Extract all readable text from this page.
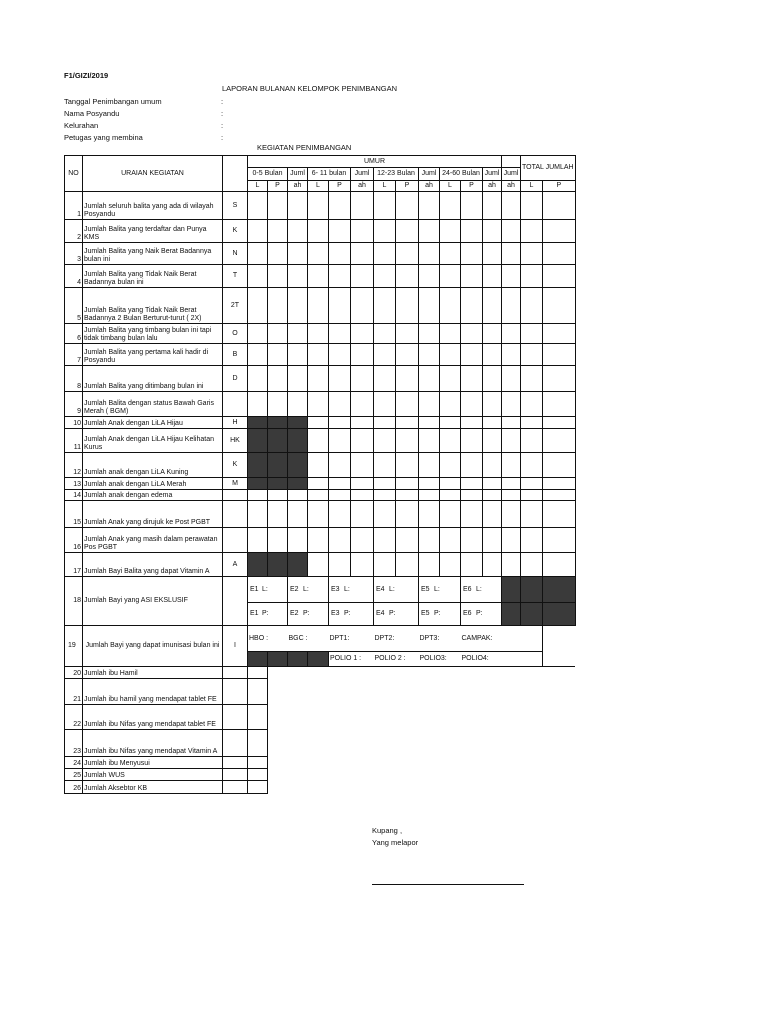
F1/GIZI/2019
LAPORAN BULANAN KELOMPOK PENIMBANGAN
Tanggal Penimbangan umum	:
Nama Posyandu	:
Kelurahan	:
Petugas yang membina	:
KEGIATAN PENIMBANGAN
NO	URAIAN KEGIATAN		UMUR													TOTAL JUMLAH	
			0-5 Bulan		Juml	6- 11 bulan		Juml	12-23 Bulan		Juml	24-60 Bulan		Juml	Juml		
			L	P	ah	L	P	ah	L	P	ah	L	P	ah	ah	L	P
1	Jumlah seluruh balita yang ada di wilayah Posyandu	S															
2	Jumlah Balita yang terdaftar dan Punya KMS	K															
3	Jumlah Balita yang Naik Berat Badannya bulan ini	N															
4	Jumlah Balita yang Tidak Naik Berat Badannya bulan ini	T															
5	Jumlah Balita yang Tidak Naik Berat Badannya 2 Bulan Berturut-turut ( 2X)	2T															
6	Jumlah Balita yang timbang bulan ini tapi tidak timbang bulan lalu	O															
7	Jumlah Balita yang pertama kali hadir di Posyandu	B															
8	Jumlah Balita yang ditimbang bulan ini	D															
9	Jumlah Balita dengan status Bawah Garis Merah ( BGM)																
10	Jumlah Anak dengan LiLA Hijau	H															
11	Jumlah Anak dengan LiLA Hijau Kelihatan Kurus	HK															
12	Jumlah anak dengan LiLA Kuning	K															
13	Jumlah anak dengan LiLA Merah	M															
14	Jumlah anak dengan edema																
15	Jumlah Anak yang dirujuk ke Post PGBT																
16	Jumlah Anak yang masih dalam perawatan Pos PGBT																
17	Jumlah Bayi Balita yang dapat Vitamin A	A															
18	Jumlah Bayi yang ASI EKSLUSIF		E1 L:		E2 L:		E3 L:		E4 L:		E5 L:		E6 L:				
			E1 P:		E2 P:		E3 P:		E4 P:		E5 P:		E6 P:				
19	Jumlah Bayi yang dapat imunisasi bulan ini	I	HBO :		BGC :		DPT1:		DPT2:		DPT3:		CAMPAK:				
							POLIO 1 :		POLIO 2 :		POLIO3:		POLIO4:				
20	Jumlah ibu Hamil																
21	Jumlah ibu hamil yang mendapat tablet FE																
22	Jumlah ibu Nifas yang mendapat tablet FE																
23	Jumlah ibu Nifas yang mendapat Vitamin A																
24	Jumlah ibu Menyusui																
25	Jumlah WUS																
26	Jumlah Aksebtor KB																
Kupang ,
Yang melapor
